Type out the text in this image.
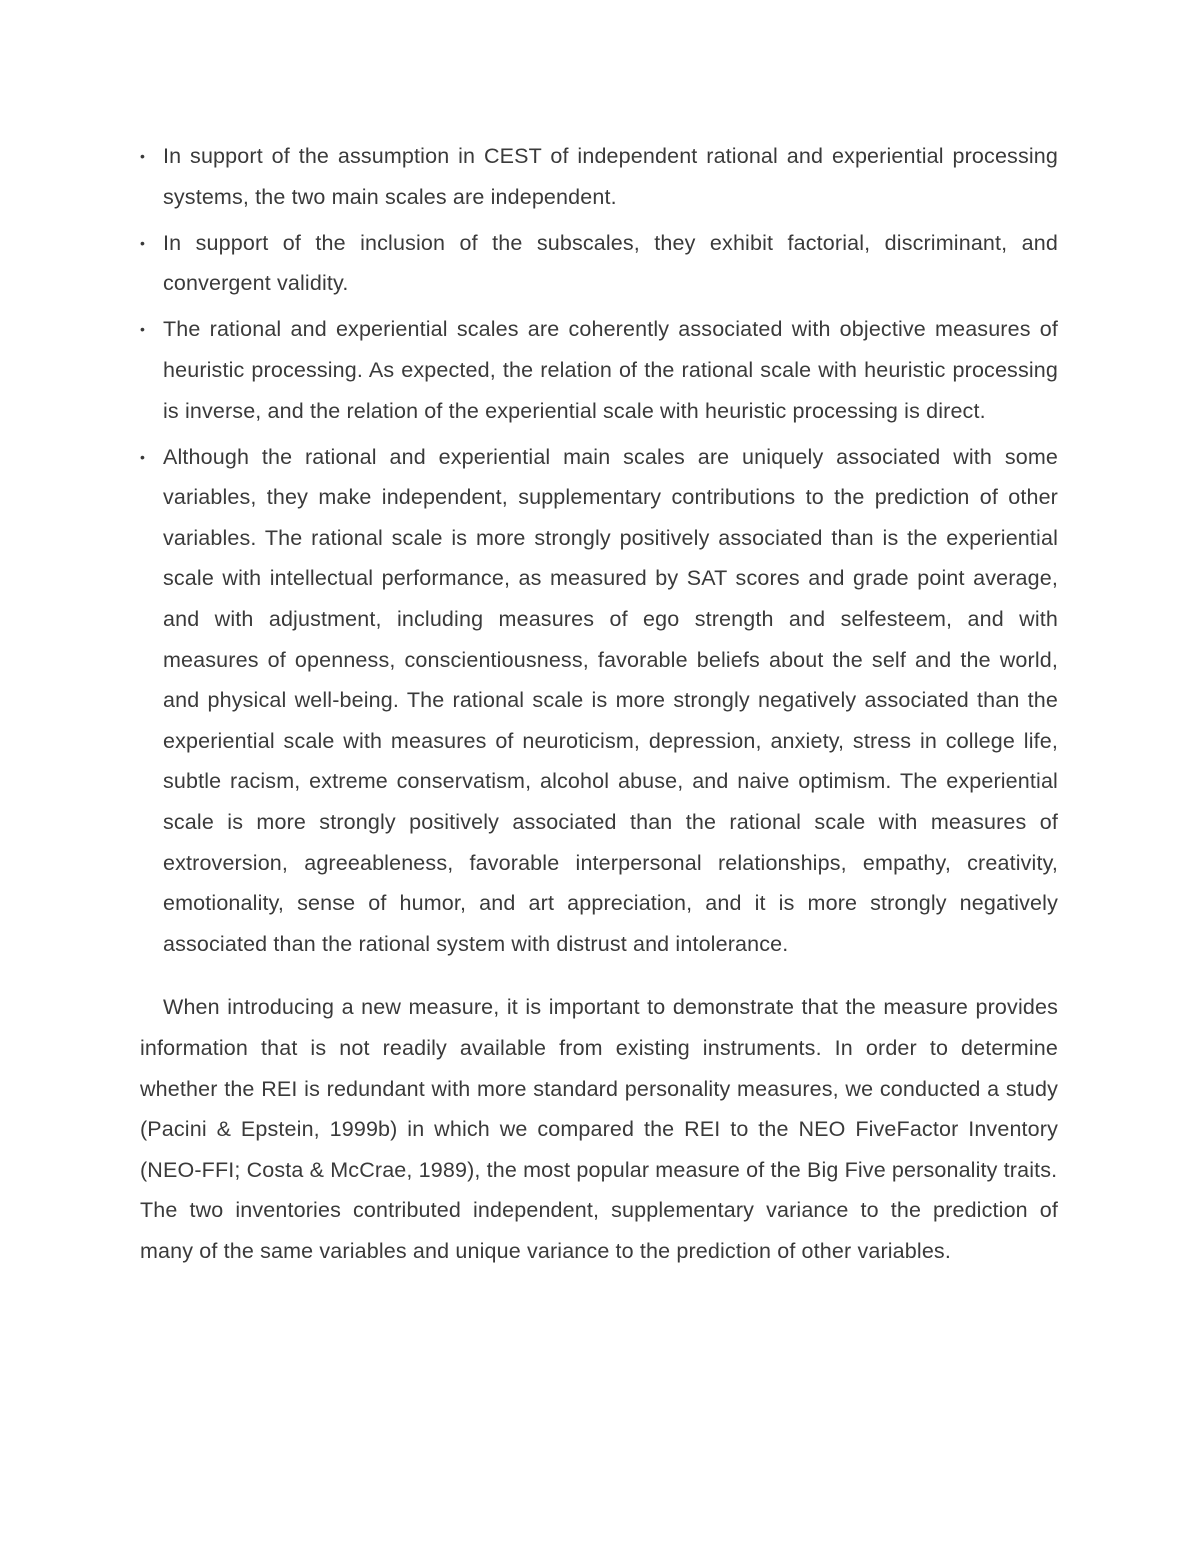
• In support of the assumption in CEST of independent rational and experiential processing systems, the two main scales are independent.
• In support of the inclusion of the subscales, they exhibit factorial, discriminant, and convergent validity.
• The rational and experiential scales are coherently associated with objective measures of heuristic processing. As expected, the relation of the rational scale with heuristic processing is inverse, and the relation of the experiential scale with heuristic processing is direct.
• Although the rational and experiential main scales are uniquely associated with some variables, they make independent, supplementary contributions to the prediction of other variables. The rational scale is more strongly positively associated than is the experiential scale with intellectual performance, as measured by SAT scores and grade point average, and with adjustment, including measures of ego strength and selfesteem, and with measures of openness, conscientiousness, favorable beliefs about the self and the world, and physical well-being. The rational scale is more strongly negatively associated than the experiential scale with measures of neuroticism, depression, anxiety, stress in college life, subtle racism, extreme conservatism, alcohol abuse, and naive optimism. The experiential scale is more strongly positively associated than the rational scale with measures of extroversion, agreeableness, favorable interpersonal relationships, empathy, creativity, emotionality, sense of humor, and art appreciation, and it is more strongly negatively associated than the rational system with distrust and intolerance.

When introducing a new measure, it is important to demonstrate that the measure provides information that is not readily available from existing instruments. In order to determine whether the REI is redundant with more standard personality measures, we conducted a study (Pacini & Epstein, 1999b) in which we compared the REI to the NEO FiveFactor Inventory (NEO-FFI; Costa & McCrae, 1989), the most popular measure of the Big Five personality traits.

The two inventories contributed independent, supplementary variance to the prediction of many of the same variables and unique variance to the prediction of other variables.
